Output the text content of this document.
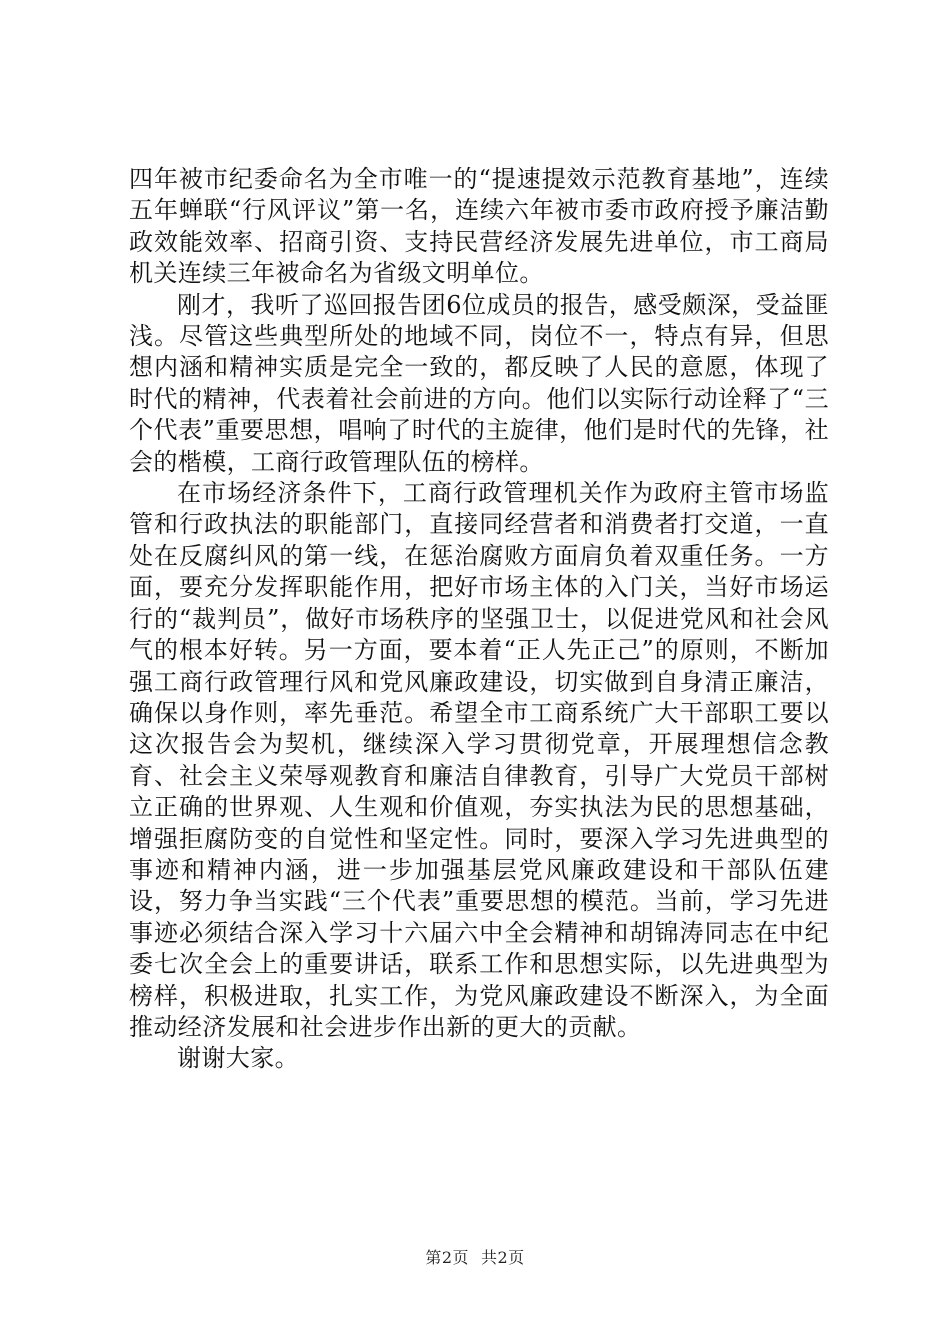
四年被市纪委命名为全市唯一的“提速提效示范教育基地”，连续五年蝉联“行风评议”第一名，连续六年被市委市政府授予廉洁勤政效能效率、招商引资、支持民营经济发展先进单位，市工商局机关连续三年被命名为省级文明单位。

刚才，我听了巡回报告团6位成员的报告，感受颇深，受益匪浅。尽管这些典型所处的地域不同，岗位不一，特点有异，但思想内涵和精神实质是完全一致的，都反映了人民的意愿，体现了时代的精神，代表着社会前进的方向。他们以实际行动诠释了“三个代表”重要思想，唱响了时代的主旋律，他们是时代的先锋，社会的楷模，工商行政管理队伍的榜样。

在市场经济条件下，工商行政管理机关作为政府主管市场监管和行政执法的职能部门，直接同经营者和消费者打交道，一直处在反腐纠风的第一线，在惩治腐败方面肩负着双重任务。一方面，要充分发挥职能作用，把好市场主体的入门关，当好市场运行的“裁判员”，做好市场秩序的坚强卫士，以促进党风和社会风气的根本好转。另一方面，要本着“正人先正己”的原则，不断加强工商行政管理行风和党风廉政建设，切实做到自身清正廉洁，确保以身作则，率先垂范。希望全市工商系统广大干部职工要以这次报告会为契机，继续深入学习贯彻党章，开展理想信念教育、社会主义荣辱观教育和廉洁自律教育，引导广大党员干部树立正确的世界观、人生观和价值观，夯实执法为民的思想基础，增强拒腐防变的自觉性和坚定性。同时，要深入学习先进典型的事迹和精神内涵，进一步加强基层党风廉政建设和干部队伍建设，努力争当实践“三个代表”重要思想的模范。当前，学习先进事迹必须结合深入学习十六届六中全会精神和胡锦涛同志在中纪委七次全会上的重要讲话，联系工作和思想实际，以先进典型为榜样，积极进取，扎实工作，为党风廉政建设不断深入，为全面推动经济发展和社会进步作出新的更大的贡献。

谢谢大家。

第2页 共2页
